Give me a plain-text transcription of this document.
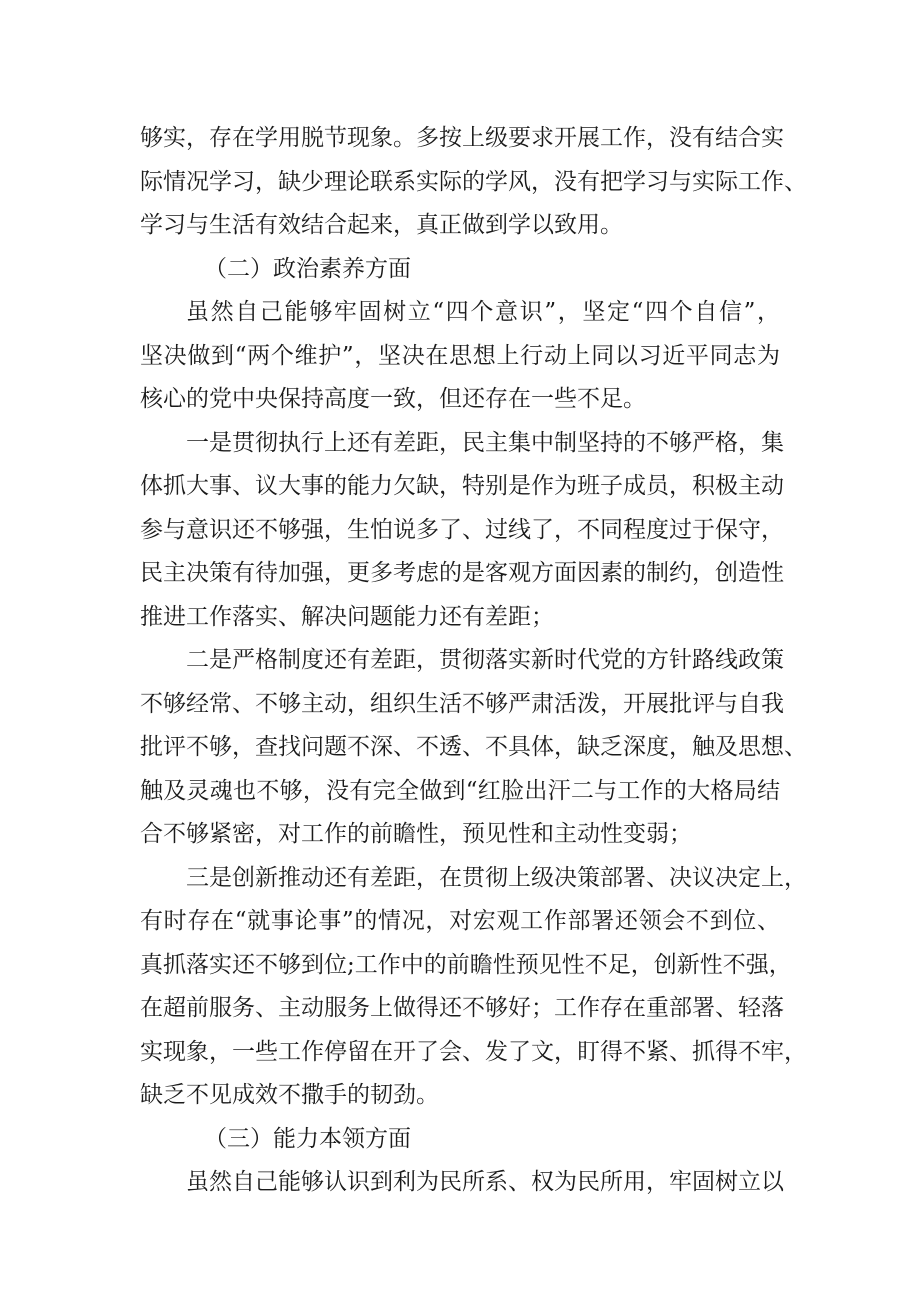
够实，存在学用脱节现象。多按上级要求开展工作，没有结合实
际情况学习，缺少理论联系实际的学风，没有把学习与实际工作、
学习与生活有效结合起来，真正做到学以致用。
（二）政治素养方面
虽然自己能够牢固树立“四个意识”，坚定“四个自信”，
坚决做到“两个维护”，坚决在思想上行动上同以习近平同志为
核心的党中央保持高度一致，但还存在一些不足。
一是贯彻执行上还有差距，民主集中制坚持的不够严格，集
体抓大事、议大事的能力欠缺，特别是作为班子成员，积极主动
参与意识还不够强，生怕说多了、过线了，不同程度过于保守，
民主决策有待加强，更多考虑的是客观方面因素的制约，创造性
推进工作落实、解决问题能力还有差距；
二是严格制度还有差距，贯彻落实新时代党的方针路线政策
不够经常、不够主动，组织生活不够严肃活泼，开展批评与自我
批评不够，查找问题不深、不透、不具体，缺乏深度，触及思想、
触及灵魂也不够，没有完全做到“红脸出汗二与工作的大格局结
合不够紧密，对工作的前瞻性，预见性和主动性变弱；
三是创新推动还有差距，在贯彻上级决策部署、决议决定上，
有时存在“就事论事”的情况，对宏观工作部署还领会不到位、
真抓落实还不够到位;工作中的前瞻性预见性不足，创新性不强，
在超前服务、主动服务上做得还不够好；工作存在重部署、轻落
实现象，一些工作停留在开了会、发了文，盯得不紧、抓得不牢，
缺乏不见成效不撒手的韧劲。
（三）能力本领方面
虽然自己能够认识到利为民所系、权为民所用，牢固树立以
